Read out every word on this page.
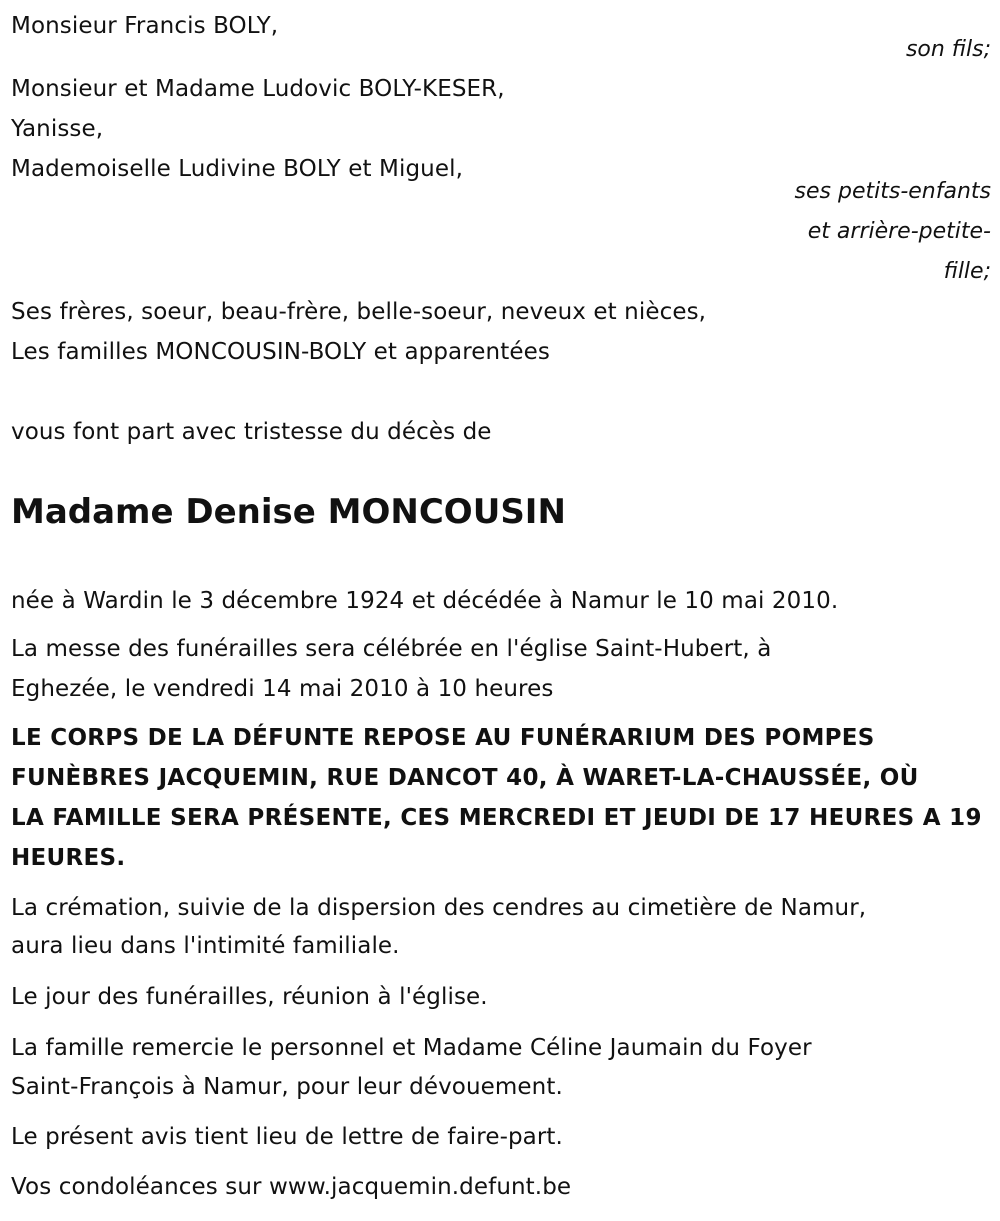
Monsieur Francis BOLY,
son fils;
Monsieur et Madame Ludovic BOLY-KESER,
Yanisse,
Mademoiselle Ludivine BOLY et Miguel,
ses petits-enfants
et arrière-petite-
fille;
Ses frères, soeur, beau-frère, belle-soeur, neveux et nièces,
Les familles MONCOUSIN-BOLY et apparentées
vous font part avec tristesse du décès de
Madame Denise MONCOUSIN
née à Wardin le 3 décembre 1924 et décédée à Namur le 10 mai 2010.
La messe des funérailles sera célébrée en l'église Saint-Hubert, à
Eghezée, le vendredi 14 mai 2010 à 10 heures
LE CORPS DE LA DÉFUNTE REPOSE AU FUNÉRARIUM DES POMPES
FUNÈBRES JACQUEMIN, RUE DANCOT 40, À WARET-LA-CHAUSSÉE, OÙ
LA FAMILLE SERA PRÉSENTE, CES MERCREDI ET JEUDI DE 17 HEURES A 19
HEURES.
La crémation, suivie de la dispersion des cendres au cimetière de Namur,
aura lieu dans l'intimité familiale.
Le jour des funérailles, réunion à l'église.
La famille remercie le personnel et Madame Céline Jaumain du Foyer
Saint-François à Namur, pour leur dévouement.
Le présent avis tient lieu de lettre de faire-part.
Vos condoléances sur www.jacquemin.defunt.be
